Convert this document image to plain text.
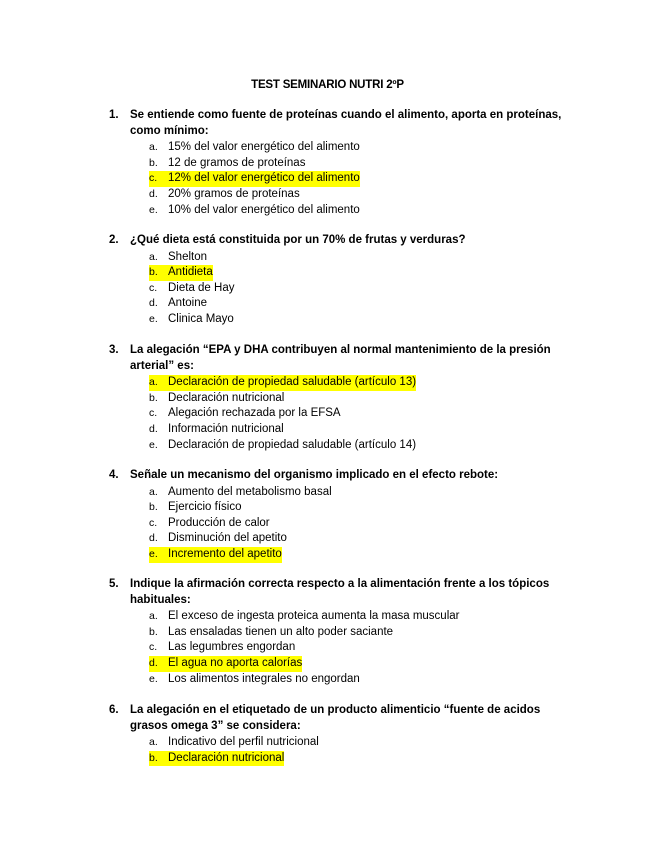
TEST SEMINARIO NUTRI 2ºP
1. Se entiende como fuente de proteínas cuando el alimento, aporta en proteínas, como mínimo:
a. 15% del valor energético del alimento
b. 12 de gramos de proteínas
c. 12% del valor energético del alimento
d. 20% gramos de proteínas
e. 10% del valor energético del alimento
2. ¿Qué dieta está constituida por un 70% de frutas y verduras?
a. Shelton
b. Antidieta
c. Dieta de Hay
d. Antoine
e. Clinica Mayo
3. La alegación “EPA y DHA contribuyen al normal mantenimiento de la presión arterial” es:
a. Declaración de propiedad saludable (artículo 13)
b. Declaración nutricional
c. Alegación rechazada por la EFSA
d. Información nutricional
e. Declaración de propiedad saludable (artículo 14)
4. Señale un mecanismo del organismo implicado en el efecto rebote:
a. Aumento del metabolismo basal
b. Ejercicio físico
c. Producción de calor
d. Disminución del apetito
e. Incremento del apetito
5. Indique la afirmación correcta respecto a la alimentación frente a los tópicos habituales:
a. El exceso de ingesta proteica aumenta la masa muscular
b. Las ensaladas tienen un alto poder saciante
c. Las legumbres engordan
d. El agua no aporta calorías
e. Los alimentos integrales no engordan
6. La alegación en el etiquetado de un producto alimenticio “fuente de acidos grasos omega 3” se considera:
a. Indicativo del perfil nutricional
b. Declaración nutricional
